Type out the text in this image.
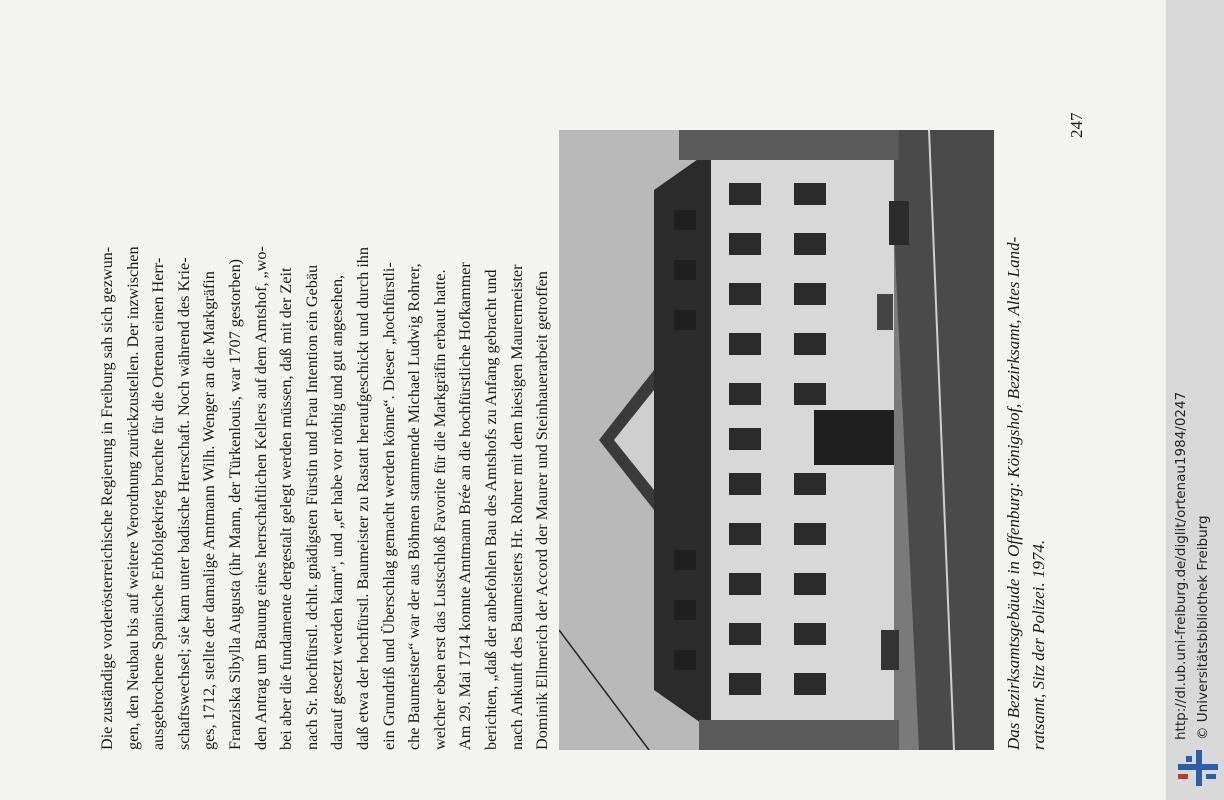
Die zuständige vorderösterreichische Regierung in Freiburg sah sich gezwun- gen, den Neubau bis auf weitere Verordnung zurückzustellen. Der inzwischen ausgebrochene Spanische Erbfolgekrieg brachte für die Ortenau einen Herr- schaftswechsel; sie kam unter badische Herrschaft. Noch während des Krie- ges, 1712, stellte der damalige Amtmann Wilh. Wenger an die Markgräfin Franziska Sibylla Augusta (ihr Mann, der Türkenlouis, war 1707 gestorben) den Antrag um Bauung eines herrschaftlichen Kellers auf dem Amtshof, „wo- bei aber die fundamente dergestalt gelegt werden müssen, daß mit der Zeit nach Sr. hochfürstl. dchlt. gnädigsten Fürstin und Frau Intention ein Gebäu darauf gesetzt werden kann“, und „er habe vor nöthig und gut angesehen, daß etwa der hochfürstl. Baumeister zu Rastatt heraufgeschickt und durch ihn ein Grundriß und Überschlag gemacht werden könne“. Dieser „hochfürstli- che Baumeister“ war der aus Böhmen stammende Michael Ludwig Rohrer, welcher eben erst das Lustschloß Favorite für die Markgräfin erbaut hatte. Am 29. Mai 1714 konnte Amtmann Brée an die hochfürstliche Hofkammer berichten, „daß der anbefohlen Bau des Amtshofs zu Anfang gebracht und nach Ankunft des Baumeisters Hr. Rohrer mit dem hiesigen Maurermeister Dominik Ellmerich der Accord der Maurer und Steinhauerarbeit getroffen	Das Bezirksamtsgebäude in Offenburg: Königshof, Bezirksamt, Altes Land- ratsamt, Sitz der Polizei. 1974.
247
http://dl.ub.uni-freiburg.de/diglit/ortenau1984/0247 © Universitätsbibliothek Freiburg
